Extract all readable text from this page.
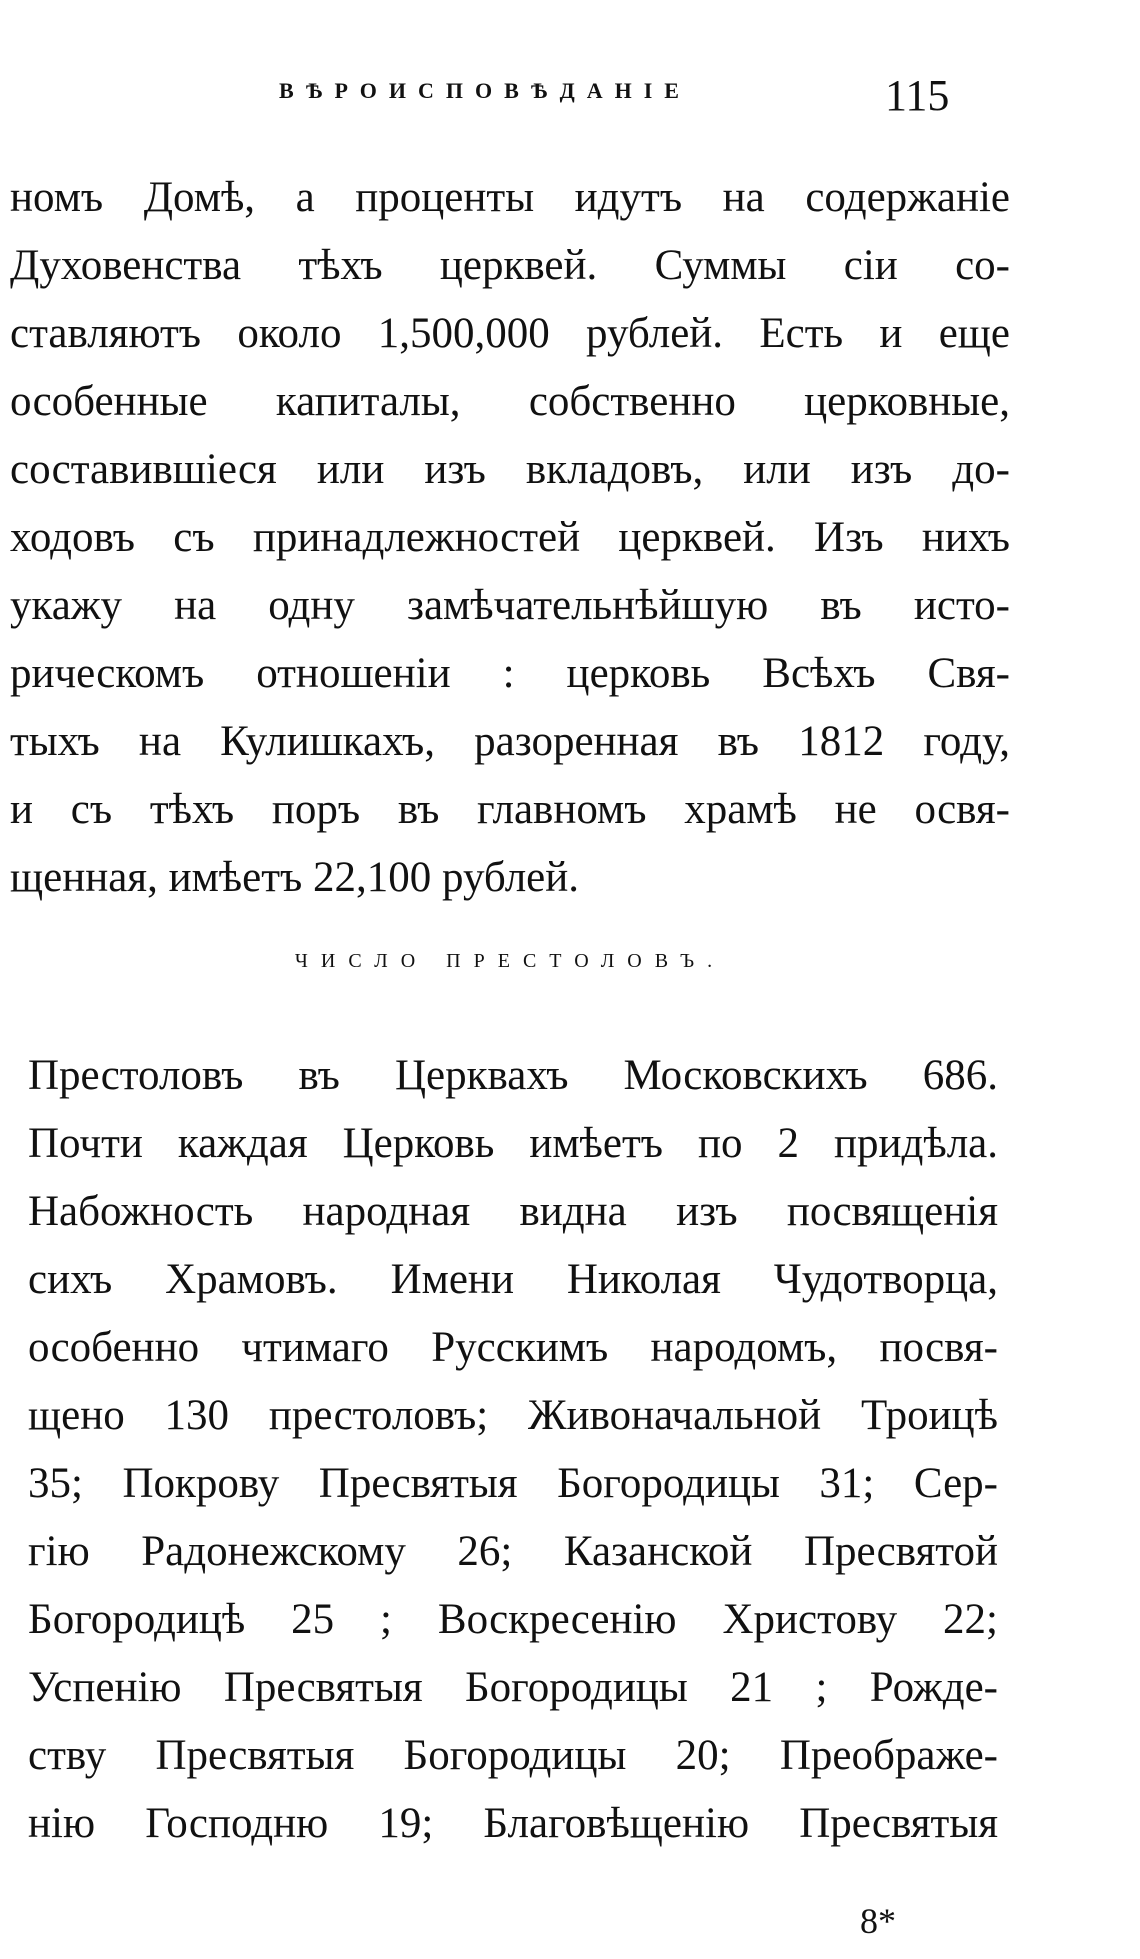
ВѢРОИСПОВѢДАНІЕ	115
номъ Домѣ, а проценты идутъ на содержаніе
Духовенства тѣхъ церквей. Суммы сіи со-
ставляютъ около 1,500,000 рублей. Есть и еще
особенные капиталы, собственно церковные,
составившіеся или изъ вкладовъ, или изъ до-
ходовъ съ принадлежностей церквей. Изъ нихъ
укажу на одну замѣчательнѣйшую въ исто-
рическомъ отношеніи : церковь Всѣхъ Свя-
тыхъ на Кулишкахъ, разоренная въ 1812 году,
и съ тѣхъ поръ въ главномъ храмѣ не освя-
щенная, имѣетъ 22,100 рублей.
ЧИСЛО ПРЕСТОЛОВЪ.
Престоловъ въ Церквахъ Московскихъ 686.
Почти каждая Церковь имѣетъ по 2 придѣла.
Набожность народная видна изъ посвященія
сихъ Храмовъ. Имени Николая Чудотворца,
особенно чтимаго Русскимъ народомъ, посвя-
щено 130 престоловъ; Живоначальной Троицѣ
35; Покрову Пресвятыя Богородицы 31; Сер-
гію Радонежскому 26; Казанской Пресвятой
Богородицѣ 25 ; Воскресенію Христову 22;
Успенію Пресвятыя Богородицы 21 ; Рожде-
ству Пресвятыя Богородицы 20; Преображе-
нію Господню 19; Благовѣщенію Пресвятыя
8*
